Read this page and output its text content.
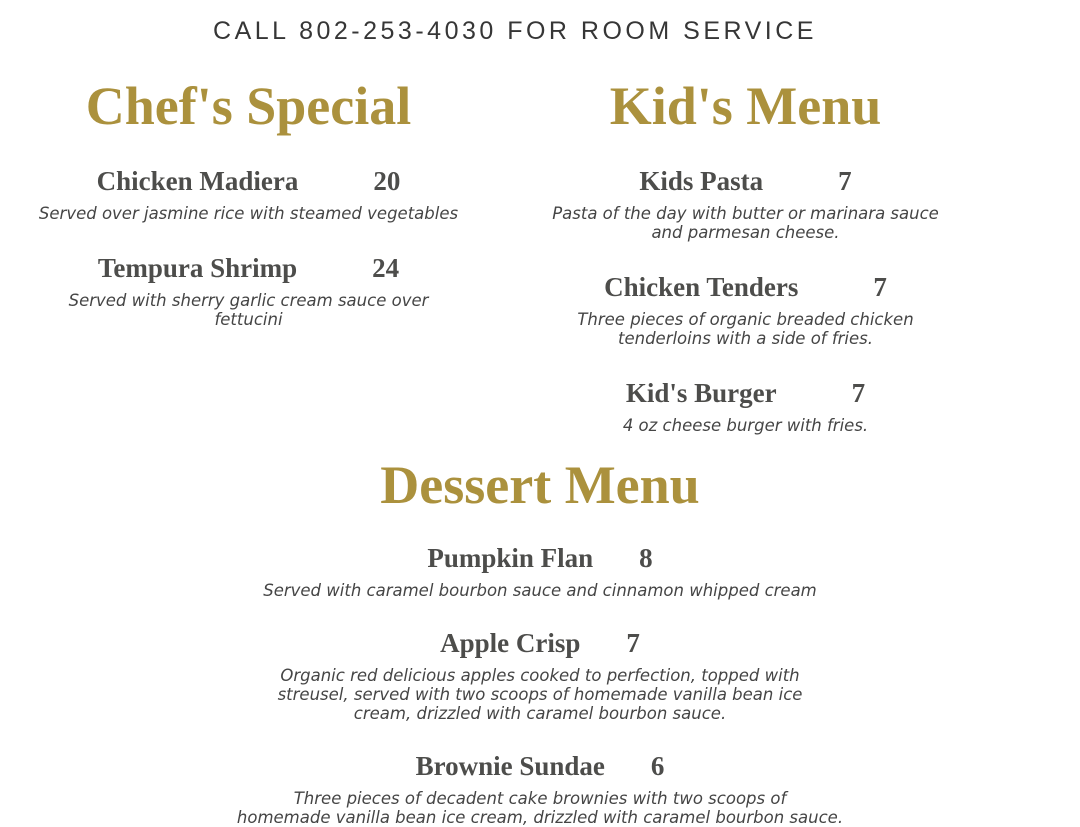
CALL 802-253-4030 FOR ROOM SERVICE
Chef's Special
Chicken Madiera	20
Served over jasmine rice with steamed vegetables
Tempura Shrimp	24
Served with sherry garlic cream sauce over
fettucini
Kid's Menu
Kids Pasta	7
Pasta of the day with butter or marinara sauce
and parmesan cheese.
Chicken Tenders	7
Three pieces of organic breaded chicken
tenderloins with a side of fries.
Kid's Burger	7
4 oz cheese burger with fries.
Dessert Menu
Pumpkin Flan 8
Served with caramel bourbon sauce and cinnamon whipped cream
Apple Crisp 7
Organic red delicious apples cooked to perfection, topped with
streusel, served with two scoops of homemade vanilla bean ice
cream, drizzled with caramel bourbon sauce.
Brownie Sundae 6
Three pieces of decadent cake brownies with two scoops of
homemade vanilla bean ice cream, drizzled with caramel bourbon sauce.
